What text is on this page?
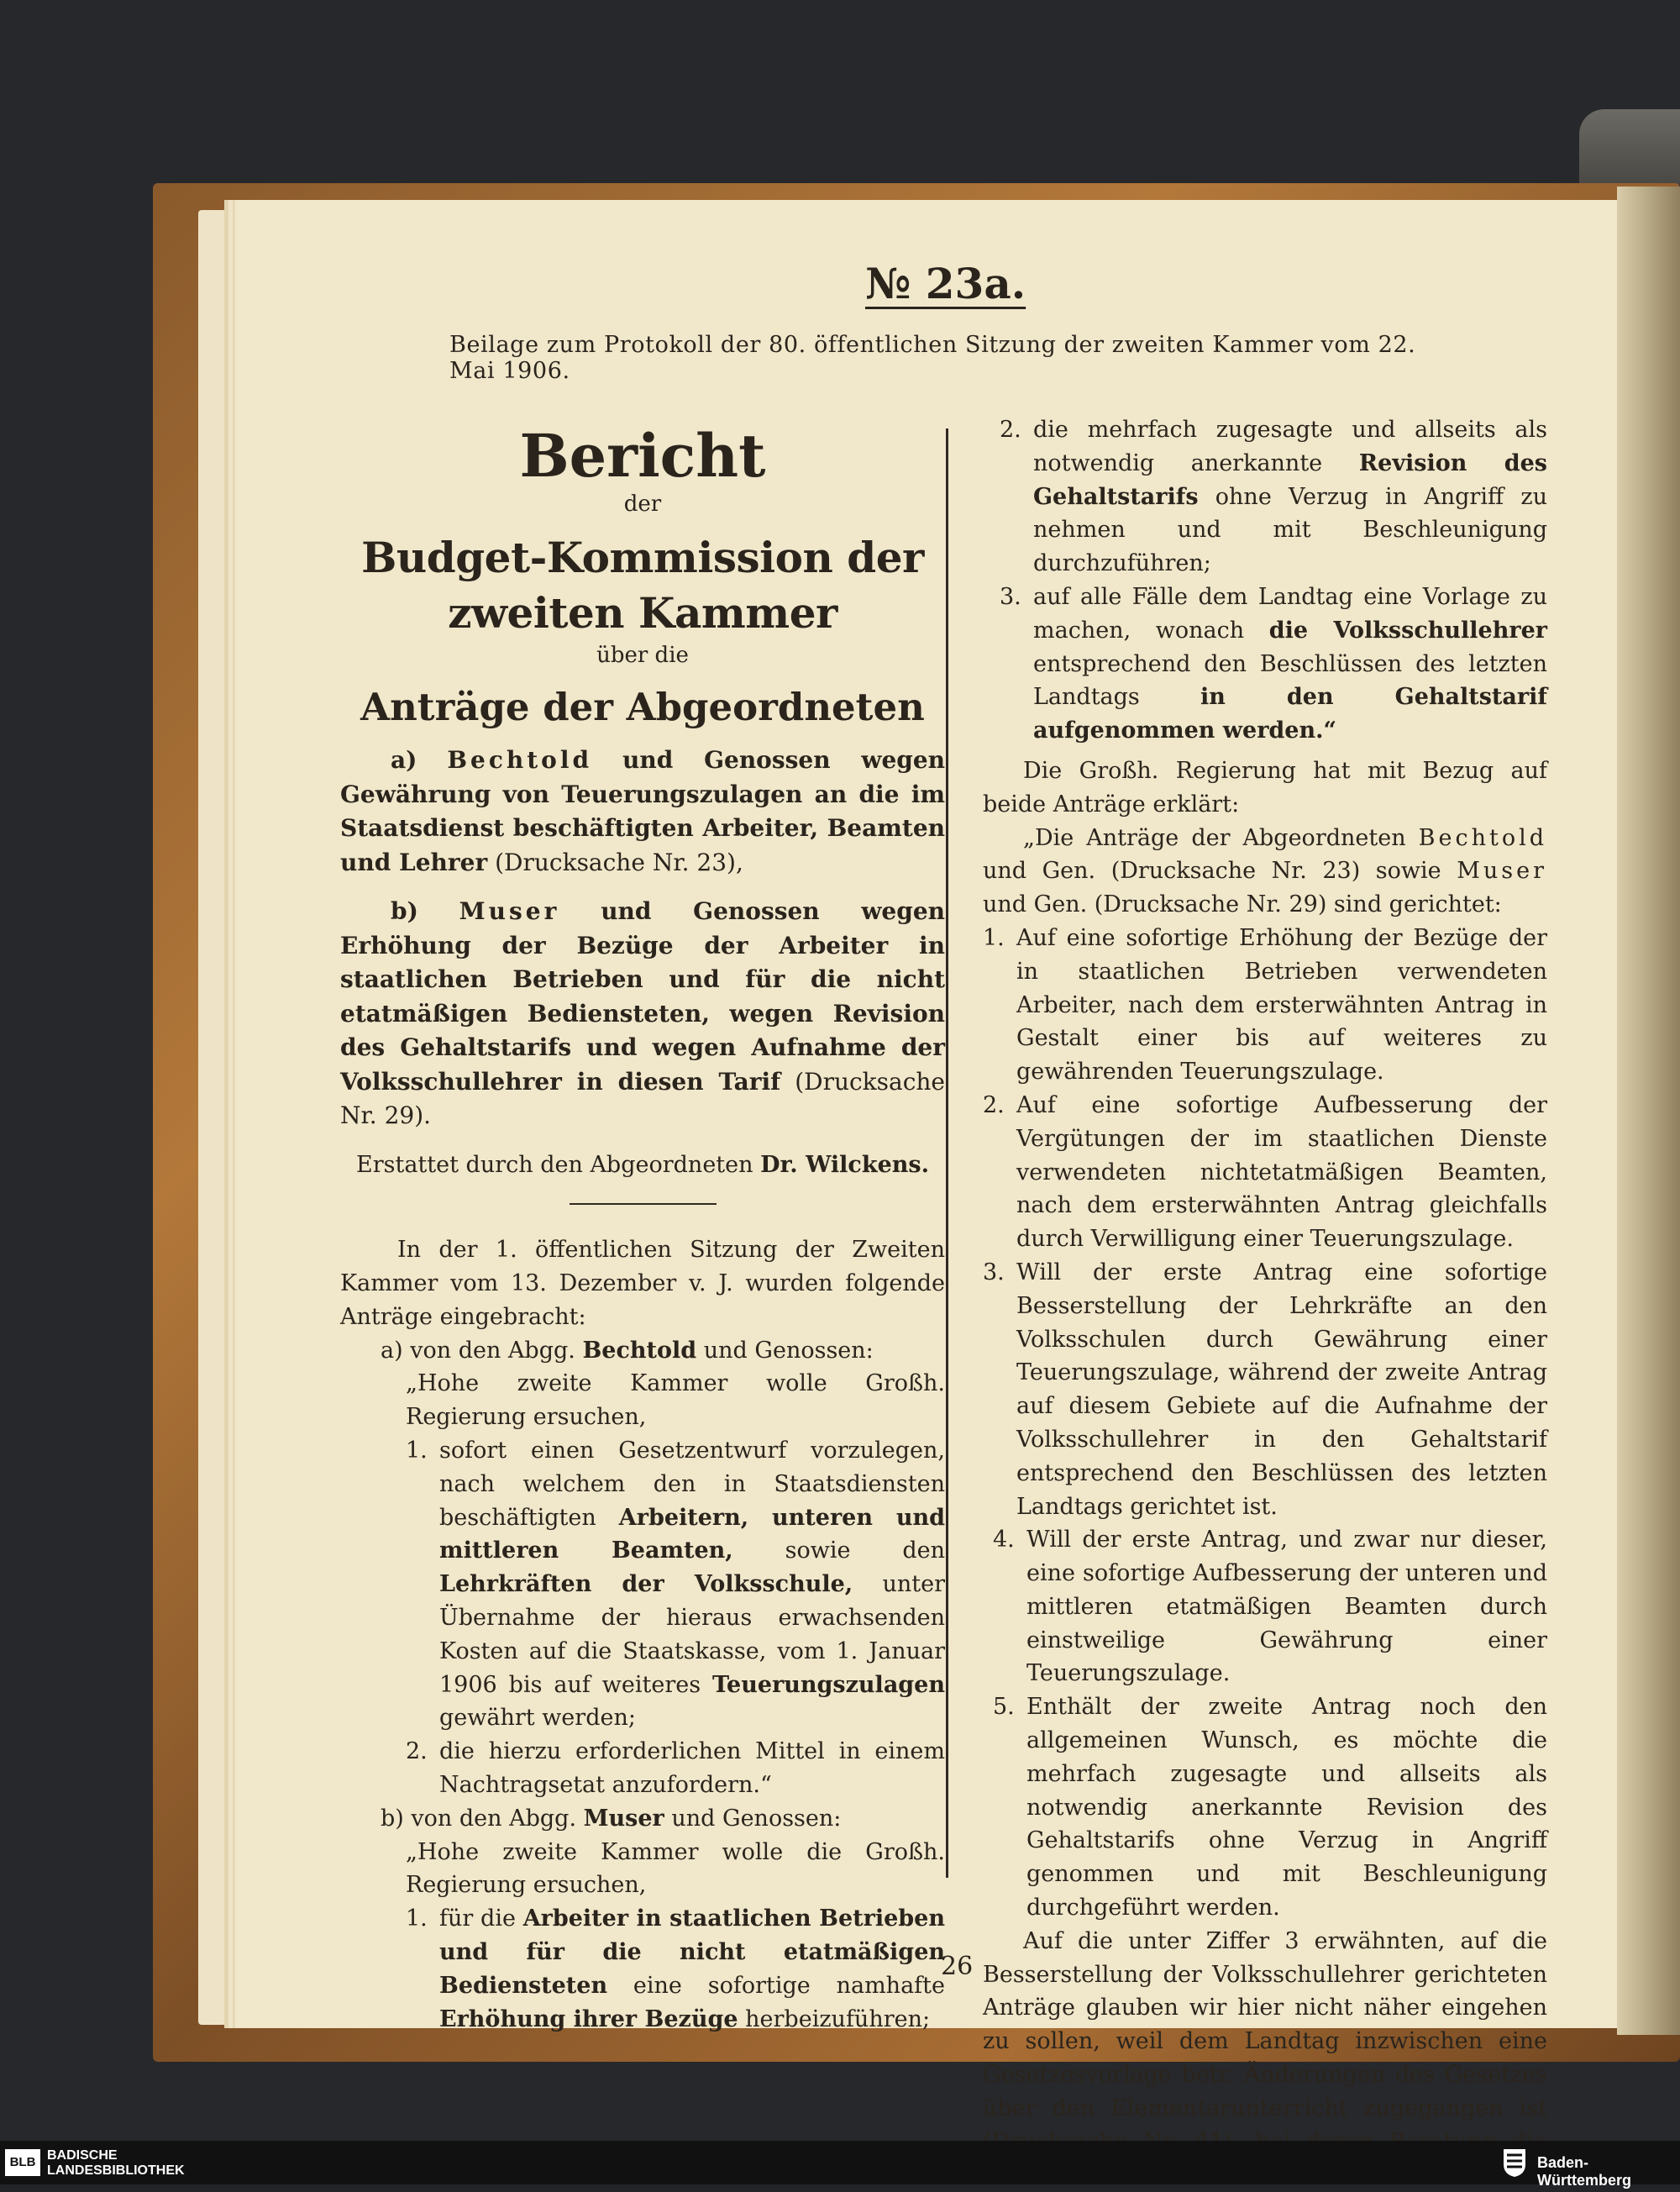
№ 23a.
Beilage zum Protokoll der 80. öffentlichen Sitzung der zweiten Kammer vom 22. Mai 1906.
Bericht
der
Budget-Kommission der zweiten Kammer
über die
Anträge der Abgeordneten

a) Bechtold und Genossen wegen Gewährung von Teuerungszulagen an die im Staatsdienst beschäftigten Arbeiter, Beamten und Lehrer (Drucksache Nr. 23),

b) Muser und Genossen wegen Erhöhung der Bezüge der Arbeiter in staatlichen Betrieben und für die nicht etatmäßigen Bediensteten, wegen Revision des Gehaltstarifs und wegen Aufnahme der Volksschullehrer in diesen Tarif (Drucksache Nr. 29).

Erstattet durch den Abgeordneten Dr. Wilckens.

In der 1. öffentlichen Sitzung der Zweiten Kammer vom 13. Dezember v. J. wurden folgende Anträge eingebracht:

a) von den Abgg. Bechtold und Genossen:

„Hohe zweite Kammer wolle Großh. Regierung ersuchen,

1. sofort einen Gesetzentwurf vorzulegen, nach welchem den in Staatsdiensten beschäftigten Arbeitern, unteren und mittleren Beamten, sowie den Lehrkräften der Volksschule, unter Übernahme der hieraus erwachsenden Kosten auf die Staatskasse, vom 1. Januar 1906 bis auf weiteres Teuerungszulagen gewährt werden;
2. die hierzu erforderlichen Mittel in einem Nachtragsetat anzufordern.“

b) von den Abgg. Muser und Genossen:

„Hohe zweite Kammer wolle die Großh. Regierung ersuchen,

1. für die Arbeiter in staatlichen Betrieben und für die nicht etatmäßigen Bediensteten eine sofortige namhafte Erhöhung ihrer Bezüge herbeizuführen;
2. die mehrfach zugesagte und allseits als notwendig anerkannte Revision des Gehaltstarifs ohne Verzug in Angriff zu nehmen und mit Beschleunigung durchzuführen;
3. auf alle Fälle dem Landtag eine Vorlage zu machen, wonach die Volksschullehrer entsprechend den Beschlüssen des letzten Landtags	in den Gehaltstarif aufgenommen werden.“

Die Großh. Regierung hat mit Bezug auf beide Anträge erklärt:

„Die Anträge der Abgeordneten Bechtold und Gen. (Drucksache Nr. 23) sowie Muser und Gen. (Drucksache Nr. 29) sind gerichtet:

1. Auf eine sofortige Erhöhung der Bezüge der in staatlichen Betrieben verwendeten Arbeiter, nach dem ersterwähnten Antrag in Gestalt einer bis auf weiteres zu gewährenden Teuerungszulage.
2. Auf eine sofortige Aufbesserung der Vergütungen der im staatlichen Dienste verwendeten nichtetatmäßigen Beamten, nach dem ersterwähnten Antrag gleichfalls durch Verwilligung einer Teuerungszulage.
3. Will der erste Antrag eine sofortige Besserstellung der Lehrkräfte an den Volksschulen durch Gewährung einer Teuerungszulage, während der zweite Antrag auf diesem Gebiete auf die Aufnahme der Volksschullehrer in den Gehaltstarif entsprechend den Beschlüssen des letzten Landtags gerichtet ist.
4. Will der erste Antrag, und zwar nur dieser, eine sofortige Aufbesserung der unteren und mittleren etatmäßigen Beamten durch einstweilige Gewährung einer Teuerungszulage.
5. Enthält der zweite Antrag noch den allgemeinen Wunsch, es möchte die mehrfach zugesagte und allseits als notwendig anerkannte Revision des Gehaltstarifs ohne Verzug in Angriff genommen und mit Beschleunigung durchgeführt werden.

Auf die unter Ziffer 3 erwähnten, auf die Besserstellung der Volksschullehrer gerichteten Anträge glauben wir hier nicht näher eingehen zu sollen, weil dem Landtag inzwischen eine Gesetzesvorlage betr. Änderungen des Gesetzes über den Elementarunterricht zugegangen ist

26
BLB BADISCHE
LANDESBIBLIOTHEK	Baden-Württemberg
